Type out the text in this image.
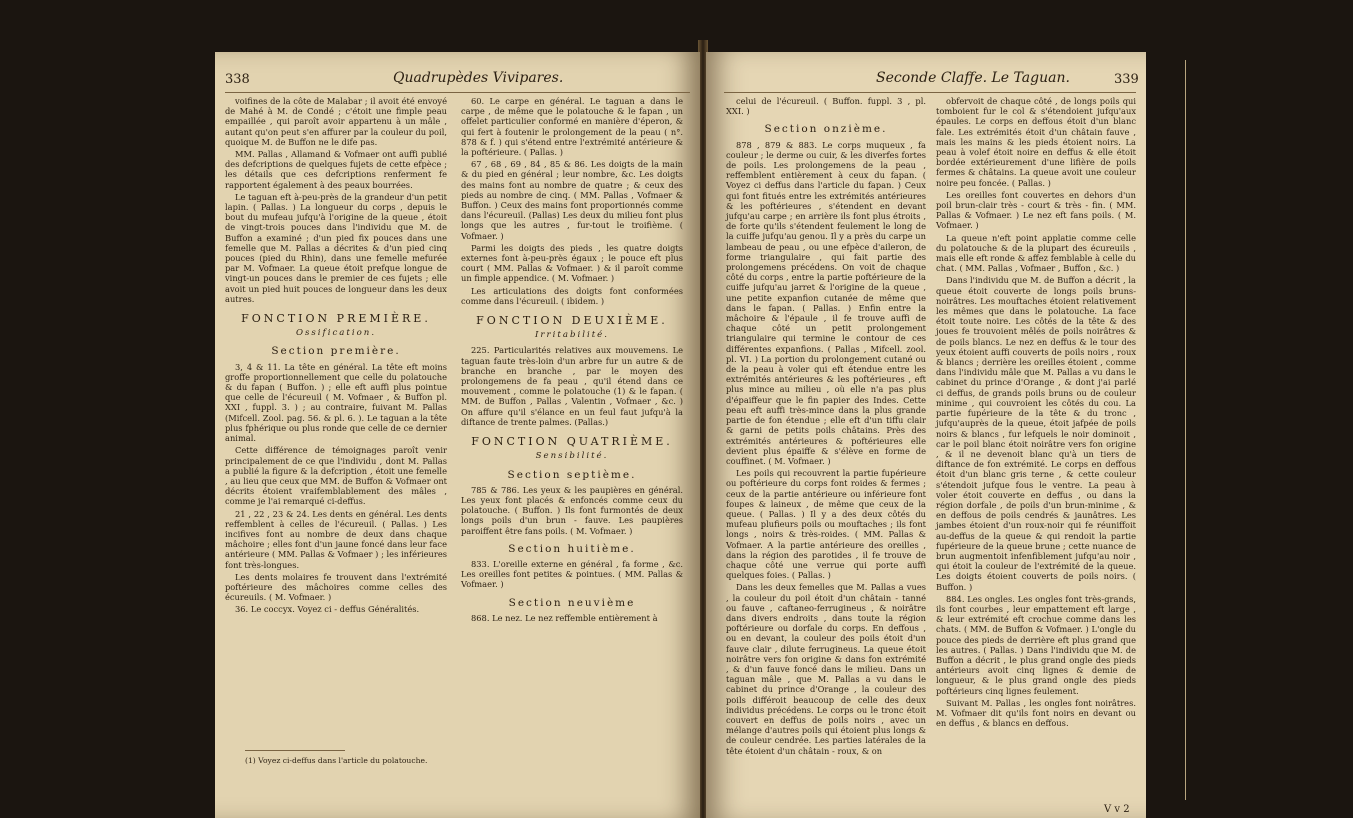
338	Quadrupèdes Vivipares.

voifines de la côte de Malabar ; il avoit été envoyé de Mahé à M. de Condé ; c'étoit une fimple peau empaillée , qui paroît avoir appartenu à un mâle , autant qu'on peut s'en affurer par la couleur du poil, quoique M. de Buffon ne le dife pas.

MM. Pallas , Allamand & Vofmaer ont auffi publié des defcriptions de quelques fujets de cette efpèce ; les détails que ces defcriptions renferment fe rapportent également à des peaux bourrées.

Le taguan eft à-peu-près de la grandeur d'un petit lapin. ( Pallas. ) La longueur du corps , depuis le bout du mufeau jufqu'à l'origine de la queue , étoit de vingt-trois pouces dans l'individu que M. de Buffon a examiné ; d'un pied fix pouces dans une femelle que M. Pallas a décrites & d'un pied cinq pouces (pied du Rhin), dans une femelle mefurée par M. Vofmaer. La queue étoit prefque longue de vingt-un pouces dans le premier de ces fujets ; elle avoit un pied huit pouces de longueur dans les deux autres.

FONCTION PREMIÈRE.
Ossification.
Section première.

3, 4 & 11. La tête en général. La tête eft moins groffe proportionnellement que celle du polatouche & du fapan ( Buffon. ) ; elle eft auffi plus pointue que celle de l'écureuil ( M. Vofmaer , & Buffon pl. XXI , fuppl. 3. ) ; au contraire, fuivant M. Pallas (Mifcell. Zool. pag. 56. & pl. 6. ). Le taguan a la tête plus fphérique ou plus ronde que celle de ce dernier animal.

Cette différence de témoignages paroît venir principalement de ce que l'individu , dont M. Pallas a publié la figure & la defcription , étoit une femelle , au lieu que ceux que MM. de Buffon & Vofmaer ont décrits étoient vraifemblablement des mâles , comme je l'ai remarqué ci-deffus.

21 , 22 , 23 & 24. Les dents en général. Les dents reffemblent à celles de l'écureuil. ( Pallas. ) Les incifives font au nombre de deux dans chaque mâchoire ; elles font d'un jaune foncé dans leur face antérieure ( MM. Pallas & Vofmaer ) ; les inférieures font très-longues.

Les dents molaires fe trouvent dans l'extrémité poftérieure des mâchoires comme celles des écureuils. ( M. Vofmaer. )

36. Le coccyx. Voyez ci - deffus Généralités.

60. Le carpe en général. Le taguan a dans le carpe , de même que le polatouche & le fapan , un offelet particulier conformé en manière d'éperon, & qui fert à foutenir le prolongement de la peau ( n°. 878 & f. ) qui s'étend entre l'extrémité antérieure & la poftérieure. ( Pallas. )

67 , 68 , 69 , 84 , 85 & 86. Les doigts de la main & du pied en général ; leur nombre, &c. Les doigts des mains font au nombre de quatre ; & ceux des pieds au nombre de cinq. ( MM. Pallas , Vofmaer & Buffon. ) Ceux des mains font proportionnés comme dans l'écureuil. (Pallas) Les deux du milieu font plus longs que les autres , fur-tout le troifième. ( Vofmaer. )

Parmi les doigts des pieds , les quatre doigts externes font à-peu-près égaux ; le pouce eft plus court ( MM. Pallas & Vofmaer. ) & il paroît comme un fimple appendice. ( M. Vofmaer. )

Les articulations des doigts font conformées comme dans l'écureuil. ( ibidem. )

FONCTION DEUXIÈME.
Irritabilité.

225. Particularités relatives aux mouvemens. Le taguan faute très-loin d'un arbre fur un autre & de branche en branche , par le moyen des prolongemens de fa peau , qu'il étend dans ce mouvement , comme le polatouche (1) & le fapan. ( MM. de Buffon , Pallas , Valentin , Vofmaer , &c. ) On affure qu'il s'élance en un feul faut jufqu'à la diftance de trente palmes. (Pallas.)

FONCTION QUATRIÈME.
Sensibilité.
Section septième.

785 & 786. Les yeux & les paupières en général. Les yeux font placés & enfoncés comme ceux du polatouche. ( Buffon. ) Ils font furmontés de deux longs poils d'un brun - fauve. Les paupières paroiffent être fans poils. ( M. Vofmaer. )

Section huitième.

833. L'oreille externe en général , fa forme , &c. Les oreilles font petites & pointues. ( MM. Pallas & Vofmaer. )

Section neuvième

868. Le nez. Le nez reffemble entièrement à

(1) Voyez ci-deffus dans l'article du polatouche.
Seconde Claffe. Le Taguan.	339

celui de l'écureuil. ( Buffon. fuppl. 3 , pl. XXI. )

Section onzième.

878 , 879 & 883. Le corps muqueux , fa couleur ; le derme ou cuir, & les diverfes fortes de poils. Les prolongemens de la peau , reffemblent entièrement à ceux du fapan. ( Voyez ci deffus dans l'article du fapan. ) Ceux qui font fitués entre les extrémités antérieures & les poftérieures , s'étendent en devant jufqu'au carpe ; en arrière ils font plus étroits , de forte qu'ils s'étendent feulement le long de la cuiffe jufqu'au genou. Il y a près du carpe un lambeau de peau , ou une efpèce d'aileron, de forme triangulaire , qui fait partie des prolongemens précédens. On voit de chaque côté du corps , entre la partie poftérieure de la cuiffe jufqu'au jarret & l'origine de la queue , une petite expanfion cutanée de même que dans le fapan. ( Pallas. ) Enfin entre la mâchoire & l'épaule , il fe trouve auffi de chaque côté un petit prolongement triangulaire qui termine le contour de ces différentes expanfions. ( Pallas , Mifcell. zool. pl. VI. ) La portion du prolongement cutané ou de la peau à voler qui eft étendue entre les extrémités antérieures & les poftérieures , eft plus mince au milieu , où elle n'a pas plus d'épaiffeur que le fin papier des Indes. Cette peau eft auffi très-mince dans la plus grande partie de fon étendue ; elle eft d'un tiffu clair & garni de petits poils châtains. Près des extrémités antérieures & poftérieures elle devient plus épaiffe & s'élève en forme de couffinet. ( M. Vofmaer. )

Les poils qui recouvrent la partie fupérieure ou poftérieure du corps font roides & fermes ; ceux de la partie antérieure ou inférieure font foupes & laineux , de même que ceux de la queue. ( Pallas. ) Il y a des deux côtés du mufeau plufieurs poils ou mouftaches ; ils font longs , noirs & très-roides. ( MM. Pallas & Vofmaer. A la partie antérieure des oreilles , dans la région des parotides , il fe trouve de chaque côté une verrue qui porte auffi quelques foies. ( Pallas. )

Dans les deux femelles que M. Pallas a vues , la couleur du poil étoit d'un châtain - tanné ou fauve , caftaneo-ferrugineus , & noirâtre dans divers endroits , dans toute la région poftérieure ou dorfale du corps. En deffous , ou en devant, la couleur des poils étoit d'un fauve clair , dilute ferrugineus. La queue étoit noirâtre vers fon origine & dans fon extrémité , & d'un fauve foncé dans le milieu. Dans un taguan mâle , que M. Pallas a vu dans le cabinet du prince d'Orange , la couleur des poils différoit beaucoup de celle des deux individus précédens. Le corps ou le tronc étoit couvert en deffus de poils noirs , avec un mélange d'autres poils qui étoient plus longs & de couleur cendrée. Les parties latérales de la tête étoient d'un châtain - roux, & on

obfervoit de chaque côté , de longs poils qui tomboient fur le col & s'étendoient jufqu'aux épaules. Le corps en deffous étoit d'un blanc fale. Les extrémités étoit d'un châtain fauve , mais les mains & les pieds étoient noirs. La peau à volef étoit noire en deffus & elle étoit bordée extérieurement d'une lifière de poils fermes & châtains. La queue avoit une couleur noire peu foncée. ( Pallas. )

Les oreilles font couvertes en dehors d'un poil brun-clair très - court & très - fin. ( MM. Pallas & Vofmaer. ) Le nez eft fans poils. ( M. Vofmaer. )

La queue n'eft point applatie comme celle du polatouche & de la plupart des écureuils , mais elle eft ronde & affez femblable à celle du chat. ( MM. Pallas , Vofmaer , Buffon , &c. )

Dans l'individu que M. de Buffon a décrit , la queue étoit couverte de longs poils bruns-noirâtres. Les mouftaches étoient relativement les mêmes que dans le polatouche. La face étoit toute noire. Les côtés de la tête & des joues fe trouvoient mêlés de poils noirâtres & de poils blancs. Le nez en deffus & le tour des yeux étoient auffi couverts de poils noirs , roux & blancs ; derrière les oreilles étoient , comme dans l'individu mâle que M. Pallas a vu dans le cabinet du prince d'Orange , & dont j'ai parlé ci deffus, de grands poils bruns ou de couleur minime , qui couvroient les côtés du cou. La partie fupérieure de la tête & du tronc , jufqu'auprès de la queue, étoit jafpée de poils noirs & blancs , fur lefquels le noir dominoit , car le poil blanc étoit noirâtre vers fon origine , & il ne devenoit blanc qu'à un tiers de diftance de fon extrémité. Le corps en deffous étoit d'un blanc gris terne , & cette couleur s'étendoit jufque fous le ventre. La peau à voler étoit couverte en deffus , ou dans la région dorfale , de poils d'un brun-minime , & en deffous de poils cendrés & jaunâtres. Les jambes étoient d'un roux-noir qui fe réuniffoit au-deffus de la queue & qui rendoit la partie fupérieure de la queue brune ; cette nuance de brun augmentoit infenfiblement jufqu'au noir , qui étoit la couleur de l'extrémité de la queue. Les doigts étoient couverts de poils noirs. ( Buffon. )

884. Les ongles. Les ongles font très-grands, ils font courbes , leur empattement eft large , & leur extrémité eft crochue comme dans les chats. ( MM. de Buffon & Vofmaer. ) L'ongle du pouce des pieds de derrière eft plus grand que les autres. ( Pallas. ) Dans l'individu que M. de Buffon a décrit , le plus grand ongle des pieds antérieurs avoit cinq lignes & demie de longueur, & le plus grand ongle des pieds poftérieurs cinq lignes feulement.

Suivant M. Pallas , les ongles font noirâtres. M. Vofmaer dit qu'ils font noirs en devant ou en deffus , & blancs en deffous.

V v 2
